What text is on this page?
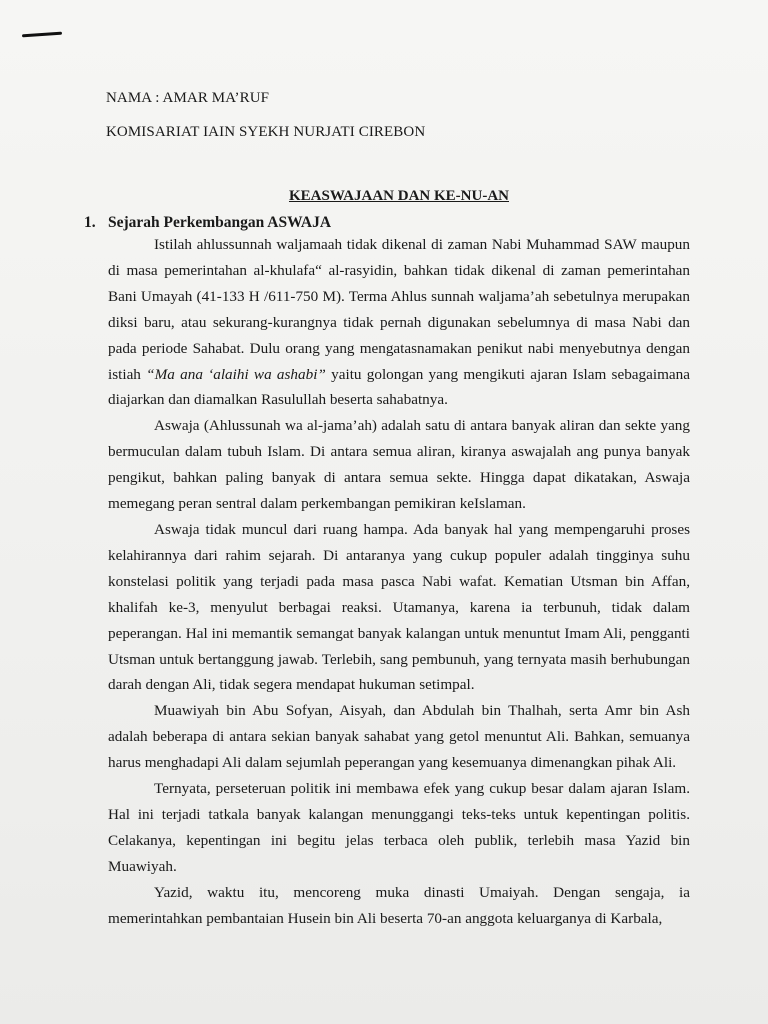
NAMA : AMAR MA’RUF
KOMISARIAT IAIN SYEKH NURJATI CIREBON
KEASWAJAAN DAN KE-NU-AN
1. Sejarah Perkembangan ASWAJA

Istilah ahlussunnah waljamaah tidak dikenal di zaman Nabi Muhammad SAW maupun di masa pemerintahan al-khulafa“ al-rasyidin, bahkan tidak dikenal di zaman pemerintahan Bani Umayah (41-133 H /611-750 M). Terma Ahlus sunnah waljama’ah sebetulnya merupakan diksi baru, atau sekurang-kurangnya tidak pernah digunakan sebelumnya di masa Nabi dan pada periode Sahabat. Dulu orang yang mengatasnamakan penikut nabi menyebutnya dengan istiah “Ma ana ‘alaihi wa ashabi” yaitu golongan yang mengikuti ajaran Islam sebagaimana diajarkan dan diamalkan Rasulullah beserta sahabatnya.

Aswaja (Ahlussunah wa al-jama’ah) adalah satu di antara banyak aliran dan sekte yang bermuculan dalam tubuh Islam. Di antara semua aliran, kiranya aswajalah ang punya banyak pengikut, bahkan paling banyak di antara semua sekte. Hingga dapat dikatakan, Aswaja memegang peran sentral dalam perkembangan pemikiran keIslaman.

Aswaja tidak muncul dari ruang hampa. Ada banyak hal yang mempengaruhi proses kelahirannya dari rahim sejarah. Di antaranya yang cukup populer adalah tingginya suhu konstelasi politik yang terjadi pada masa pasca Nabi wafat. Kematian Utsman bin Affan, khalifah ke-3, menyulut berbagai reaksi. Utamanya, karena ia terbunuh, tidak dalam peperangan. Hal ini memantik semangat banyak kalangan untuk menuntut Imam Ali, pengganti Utsman untuk bertanggung jawab. Terlebih, sang pembunuh, yang ternyata masih berhubungan darah dengan Ali, tidak segera mendapat hukuman setimpal.

Muawiyah bin Abu Sofyan, Aisyah, dan Abdulah bin Thalhah, serta Amr bin Ash adalah beberapa di antara sekian banyak sahabat yang getol menuntut Ali. Bahkan, semuanya harus menghadapi Ali dalam sejumlah peperangan yang kesemuanya dimenangkan pihak Ali.

Ternyata, perseteruan politik ini membawa efek yang cukup besar dalam ajaran Islam. Hal ini terjadi tatkala banyak kalangan menunggangi teks-teks untuk kepentingan politis. Celakanya, kepentingan ini begitu jelas terbaca oleh publik, terlebih masa Yazid bin Muawiyah.

Yazid, waktu itu, mencoreng muka dinasti Umaiyah. Dengan sengaja, ia memerintahkan pembantaian Husein bin Ali beserta 70-an anggota keluarganya di Karbala,
